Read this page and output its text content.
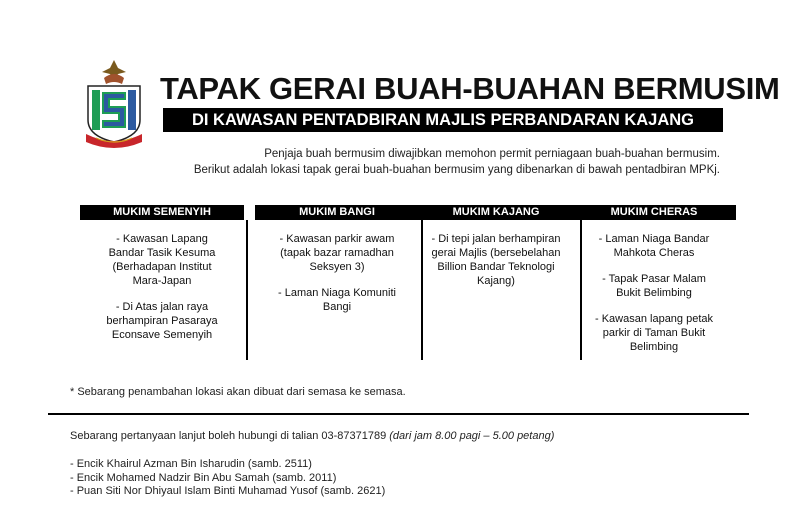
TAPAK GERAI BUAH-BUAHAN BERMUSIM
DI KAWASAN PENTADBIRAN MAJLIS PERBANDARAN KAJANG
Penjaja buah bermusim diwajibkan memohon permit perniagaan buah-buahan bermusim.
Berikut adalah lokasi tapak gerai buah-buahan bermusim yang dibenarkan di bawah pentadbiran MPKj.
MUKIM SEMENYIH
- Kawasan Lapang Bandar Tasik Kesuma (Berhadapan Institut Mara-Japan
- Di Atas jalan raya berhampiran Pasaraya Econsave Semenyih
MUKIM BANGI
- Kawasan parkir awam (tapak bazar ramadhan Seksyen 3)
- Laman Niaga Komuniti Bangi
MUKIM KAJANG
- Di tepi jalan berhampiran gerai Majlis (bersebelahan Billion Bandar Teknologi Kajang)
MUKIM CHERAS
- Laman Niaga Bandar Mahkota Cheras
- Tapak Pasar Malam Bukit Belimbing
- Kawasan lapang petak parkir di Taman Bukit Belimbing
* Sebarang penambahan lokasi akan dibuat dari semasa ke semasa.
Sebarang pertanyaan lanjut boleh hubungi di talian 03-87371789 (dari jam 8.00 pagi – 5.00 petang)
- Encik Khairul Azman Bin Isharudin (samb. 2511)
- Encik Mohamed Nadzir Bin Abu Samah (samb. 2011)
- Puan Siti Nor Dhiyaul Islam Binti Muhamad Yusof (samb. 2621)
